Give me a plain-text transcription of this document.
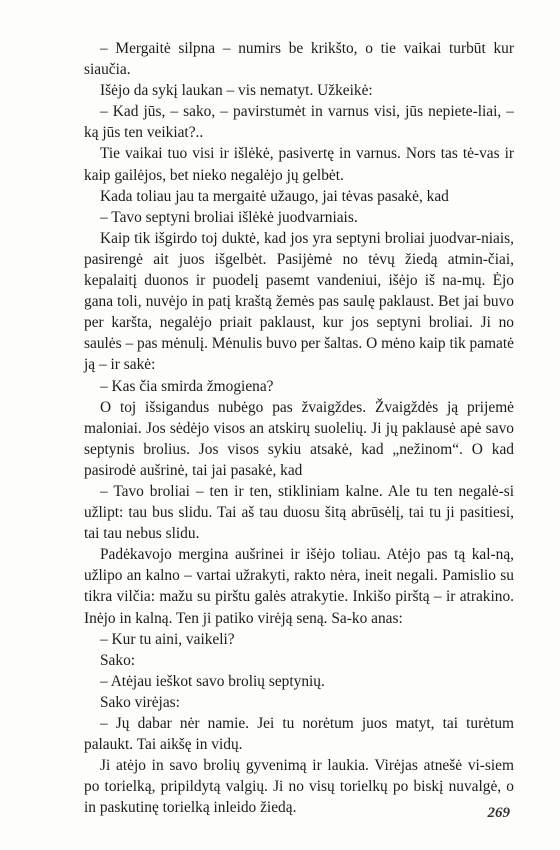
– Mergaitė silpna – numirs be krikšto, o tie vaikai turbūt kur siaučia.

Išėjo da sykį laukan – vis nematyt. Užkeikė:

– Kad jūs, – sako, – pavirstumėt in varnus visi, jūs nepiete-liai, – ką jūs ten veikiat?..

Tie vaikai tuo visi ir išlėkė, pasivertę in varnus. Nors tas tė-vas ir kaip gailėjos, bet nieko negalėjo jų gelbėt.

Kada toliau jau ta mergaitė užaugo, jai tėvas pasakė, kad

– Tavo septyni broliai išlėkė juodvarniais.

Kaip tik išgirdo toj duktė, kad jos yra septyni broliai juodvar-niais, pasirengė ait juos išgelbėt. Pasijėmė no tėvų žiedą atmin-čiai, kepalaitį duonos ir puodelį pasemt vandeniui, išėjo iš na-mų. Ėjo gana toli, nuvėjo in patį kraštą žemės pas saulę paklaust. Bet jai buvo per karšta, negalėjo priait paklaust, kur jos septyni broliai. Ji no saulės – pas mėnulį. Mėnulis buvo per šaltas. O mėno kaip tik pamatė ją – ir sakė:

– Kas čia smirda žmogiena?

O toj išsigandus nubėgo pas žvaigždes. Žvaigždės ją prijemė maloniai. Jos sėdėjo visos an atskirų suolelių. Ji jų paklausė apė savo septynis brolius. Jos visos sykiu atsakė, kad „nežinom“. O kad pasirodė aušrinė, tai jai pasakė, kad

– Tavo broliai – ten ir ten, stikliniam kalne. Ale tu ten negalė-si užlipt: tau bus slidu. Tai aš tau duosu šitą abrūsėlį, tai tu ji pasitiesi, tai tau nebus slidu.

Padėkavojo mergina aušrinei ir išėjo toliau. Atėjo pas tą kal-ną, užlipo an kalno – vartai užrakyti, rakto nėra, ineit negali. Pamislio su tikra vilčia: mažu su pirštu galės atrakytie. Inkišo pirštą – ir atrakino. Inėjo in kalną. Ten ji patiko virėją seną. Sa-ko anas:

– Kur tu aini, vaikeli?

Sako:

– Atėjau ieškot savo brolių septynių.

Sako virėjas:

– Jų dabar nėr namie. Jei tu norėtum juos matyt, tai turėtum palaukt. Tai aikšę in vidų.

Ji atėjo in savo brolių gyvenimą ir laukia. Virėjas atnešė vi-siem po torielką, pripildytą valgių. Ji no visų torielkų po biskį nuvalgė, o in paskutinę torielką inleido žiedą.	269
